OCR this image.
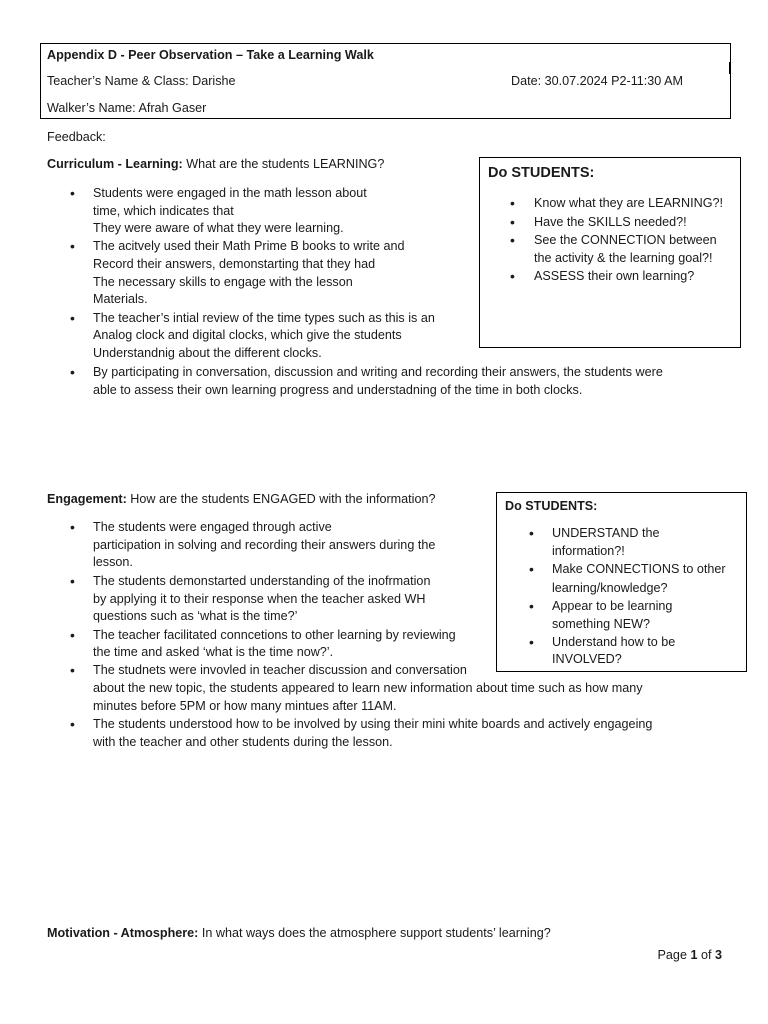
Appendix D - Peer Observation – Take a Learning Walk
Teacher’s Name & Class: Darishe	Date: 30.07.2024 P2-11:30 AM
Walker’s Name: Afrah Gaser
Feedback:
Curriculum - Learning: What are the students LEARNING?
• Students were engaged in the math lesson about
time, which indicates that
They were aware of what they were learning.
• The acitvely used their Math Prime B books to write and
Record their answers, demonstarting that they had
The necessary skills to engage with the lesson
Materials.
• The teacher’s intial review of the time types such as this is an
Analog clock and digital clocks, which give the students
Understandnig about the different clocks.
• By participating in conversation, discussion and writing and recording their answers, the students were
able to assess their own learning progress and understadning of the time in both clocks.
Do STUDENTS:
• Know what they are LEARNING?!
• Have the SKILLS needed?!
• See the CONNECTION between
the activity & the learning goal?!
• ASSESS their own learning?
Engagement: How are the students ENGAGED with the information?
• The students were engaged through active
participation in solving and recording their answers during the
lesson.
• The students demonstarted understanding of the inofrmation
by applying it to their response when the teacher asked WH
questions such as ‘what is the time?’
• The teacher facilitated conncetions to other learning by reviewing
the time and asked ‘what is the time now?’.
• The studnets were invovled in teacher discussion and conversation
about the new topic, the students appeared to learn new information about time such as how many
minutes before 5PM or how many mintues after 11AM.
• The students understood how to be involved by using their mini white boards and actively engageing
with the teacher and other students during the lesson.
Do STUDENTS:
• UNDERSTAND the
information?!
• Make CONNECTIONS to other
learning/knowledge?
• Appear to be learning
something NEW?
• Understand how to be
INVOLVED?
Motivation - Atmosphere: In what ways does the atmosphere support students’ learning?
Page 1 of 3
